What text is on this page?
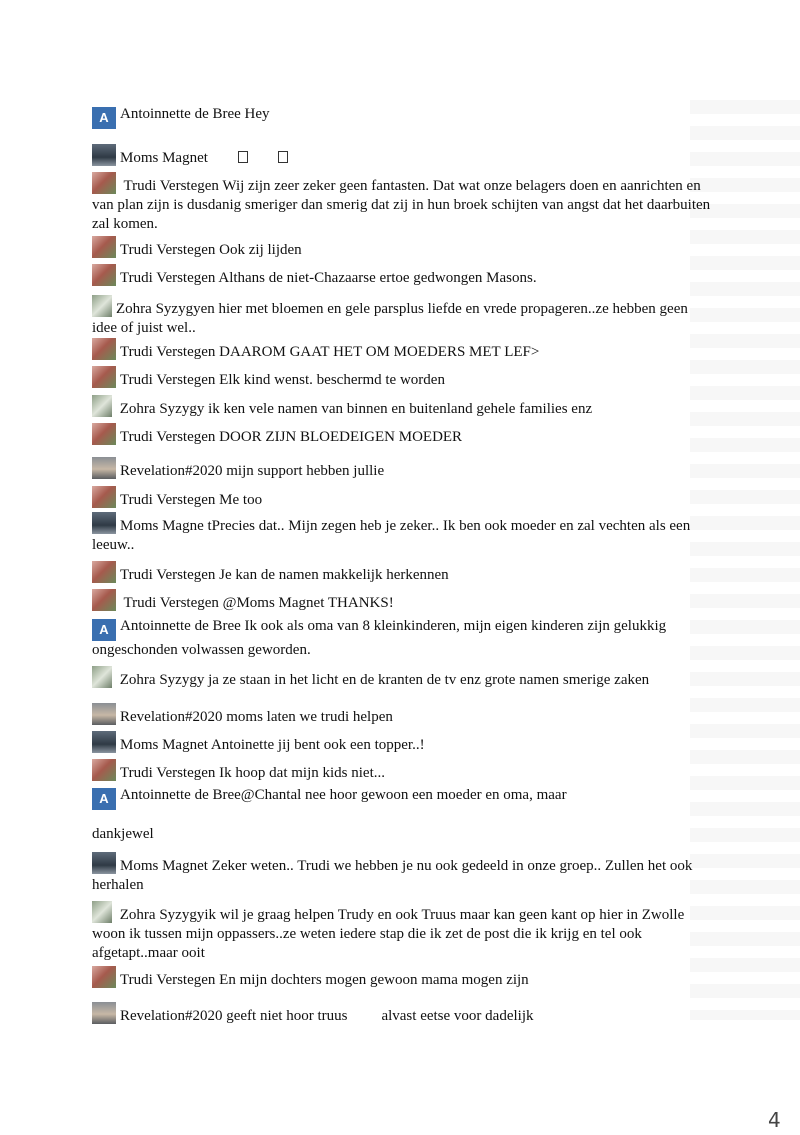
A Antoinnette de Bree Hey
Moms Magnet
Trudi Verstegen Wij zijn zeer zeker geen fantasten. Dat wat onze belagers doen en aanrichten en van plan zijn is dusdanig smeriger dan smerig dat zij in hun broek schijten van angst dat het daarbuiten zal komen.
Trudi Verstegen Ook zij lijden
Trudi Verstegen Althans de niet-Chazaarse ertoe gedwongen Masons.
Zohra Syzygyen hier met bloemen en gele parsplus liefde en vrede propageren..ze hebben geen idee of juist wel..
Trudi Verstegen DAAROM GAAT HET OM MOEDERS MET LEF>
Trudi Verstegen Elk kind wenst. beschermd te worden
Zohra Syzygy ik ken vele namen van binnen en buitenland gehele families enz
Trudi Verstegen DOOR ZIJN BLOEDEIGEN MOEDER
Revelation#2020 mijn support hebben jullie
Trudi Verstegen Me too
Moms Magne tPrecies dat.. Mijn zegen heb je zeker.. Ik ben ook moeder en zal vechten als een leeuw..
Trudi Verstegen Je kan de namen makkelijk herkennen
Trudi Verstegen @Moms Magnet THANKS!
A Antoinnette de Bree Ik ook als oma van 8 kleinkinderen, mijn eigen kinderen zijn gelukkig ongeschonden volwassen geworden.
Zohra Syzygy ja ze staan in het licht en de kranten de tv enz grote namen smerige zaken
Revelation#2020 moms laten we trudi helpen
Moms Magnet Antoinette jij bent ook een topper..!
Trudi Verstegen Ik hoop dat mijn kids niet...
A Antoinnette de Bree@Chantal nee hoor gewoon een moeder en oma, maar
dankjewel
Moms Magnet Zeker weten.. Trudi we hebben je nu ook gedeeld in onze groep.. Zullen het ook herhalen
Zohra Syzygyik wil je graag helpen Trudy en ook Truus maar kan geen kant op hier in Zwolle woon ik tussen mijn oppassers..ze weten iedere stap die ik zet de post die ik krijg en tel ook afgetapt..maar ooit
Trudi Verstegen En mijn dochters mogen gewoon mama mogen zijn
Revelation#2020 geeft niet hoor truus alvast eetse voor dadelijk
4
